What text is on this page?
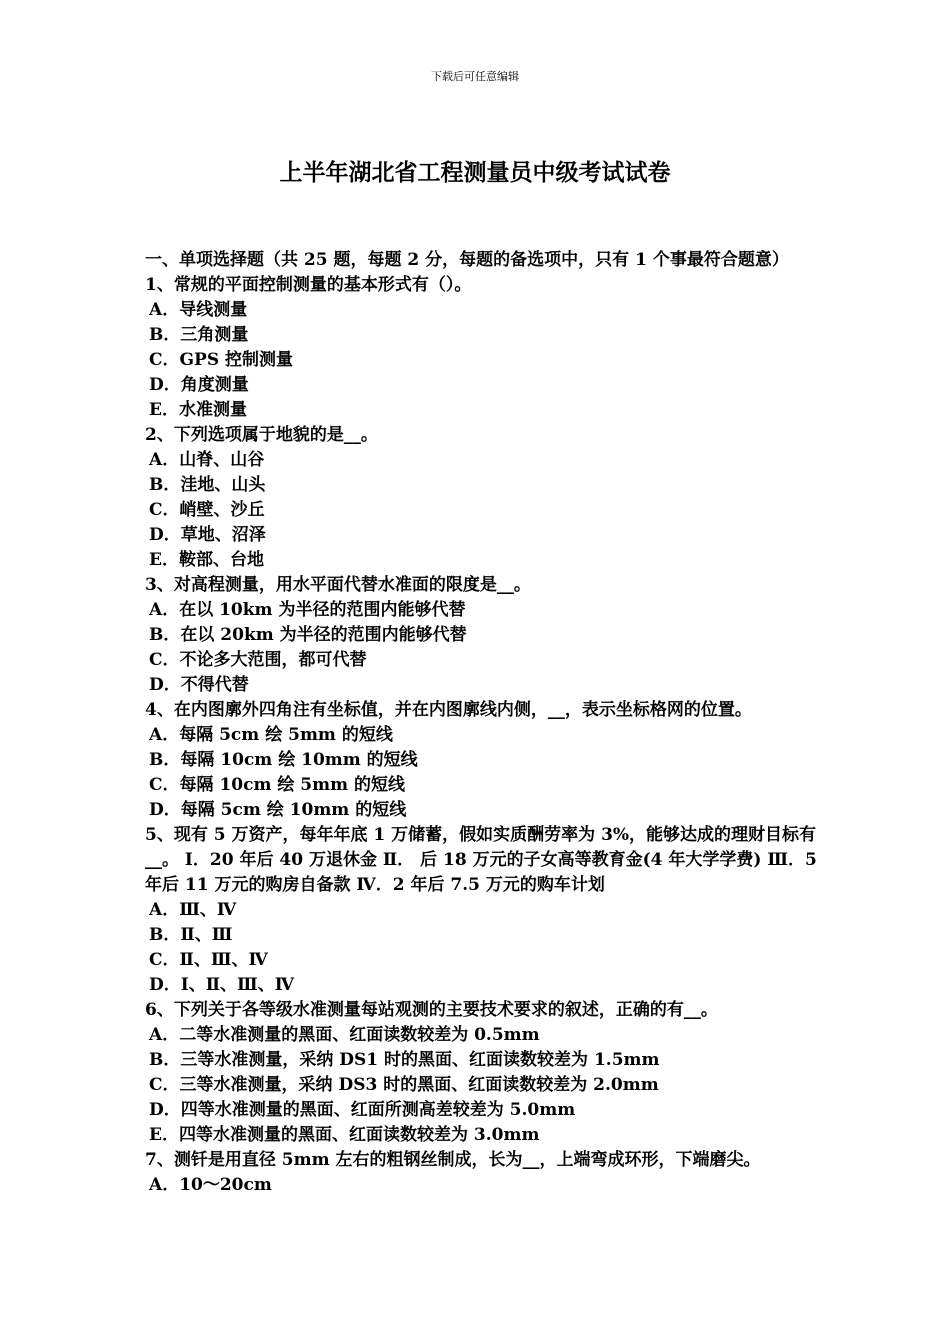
下载后可任意编辑
上半年湖北省工程测量员中级考试试卷
一、单项选择题（共 25 题，每题 2 分，每题的备选项中，只有 1 个事最符合题意）
1、常规的平面控制测量的基本形式有（）。
A．导线测量
B．三角测量
C．GPS 控制测量
D．角度测量
E．水准测量
2、下列选项属于地貌的是__。
A．山脊、山谷
B．洼地、山头
C．峭壁、沙丘
D．草地、沼泽
E．鞍部、台地
3、对高程测量，用水平面代替水准面的限度是__。
A．在以 10km 为半径的范围内能够代替
B．在以 20km 为半径的范围内能够代替
C．不论多大范围，都可代替
D．不得代替
4、在内图廓外四角注有坐标值，并在内图廓线内侧，__，表示坐标格网的位置。
A．每隔 5cm 绘 5mm 的短线
B．每隔 10cm 绘 10mm 的短线
C．每隔 10cm 绘 5mm 的短线
D．每隔 5cm 绘 10mm 的短线
5、现有 5 万资产，每年年底 1 万储蓄，假如实质酬劳率为 3%，能够达成的理财目标有__。 Ⅰ．20 年后 40 万退休金 Ⅱ． 后 18 万元的子女高等教育金(4 年大学学费) Ⅲ．5 年后 11 万元的购房自备款 Ⅳ．2 年后 7.5 万元的购车计划
A．Ⅲ、Ⅳ
B．Ⅱ、Ⅲ
C．Ⅱ、Ⅲ、Ⅳ
D．Ⅰ、Ⅱ、Ⅲ、Ⅳ
6、下列关于各等级水准测量每站观测的主要技术要求的叙述，正确的有__。
A．二等水准测量的黑面、红面读数较差为 0.5mm
B．三等水准测量，采纳 DS1 时的黑面、红面读数较差为 1.5mm
C．三等水准测量，采纳 DS3 时的黑面、红面读数较差为 2.0mm
D．四等水准测量的黑面、红面所测高差较差为 5.0mm
E．四等水准测量的黑面、红面读数较差为 3.0mm
7、测钎是用直径 5mm 左右的粗钢丝制成，长为__，上端弯成环形，下端磨尖。
A．10～20cm
